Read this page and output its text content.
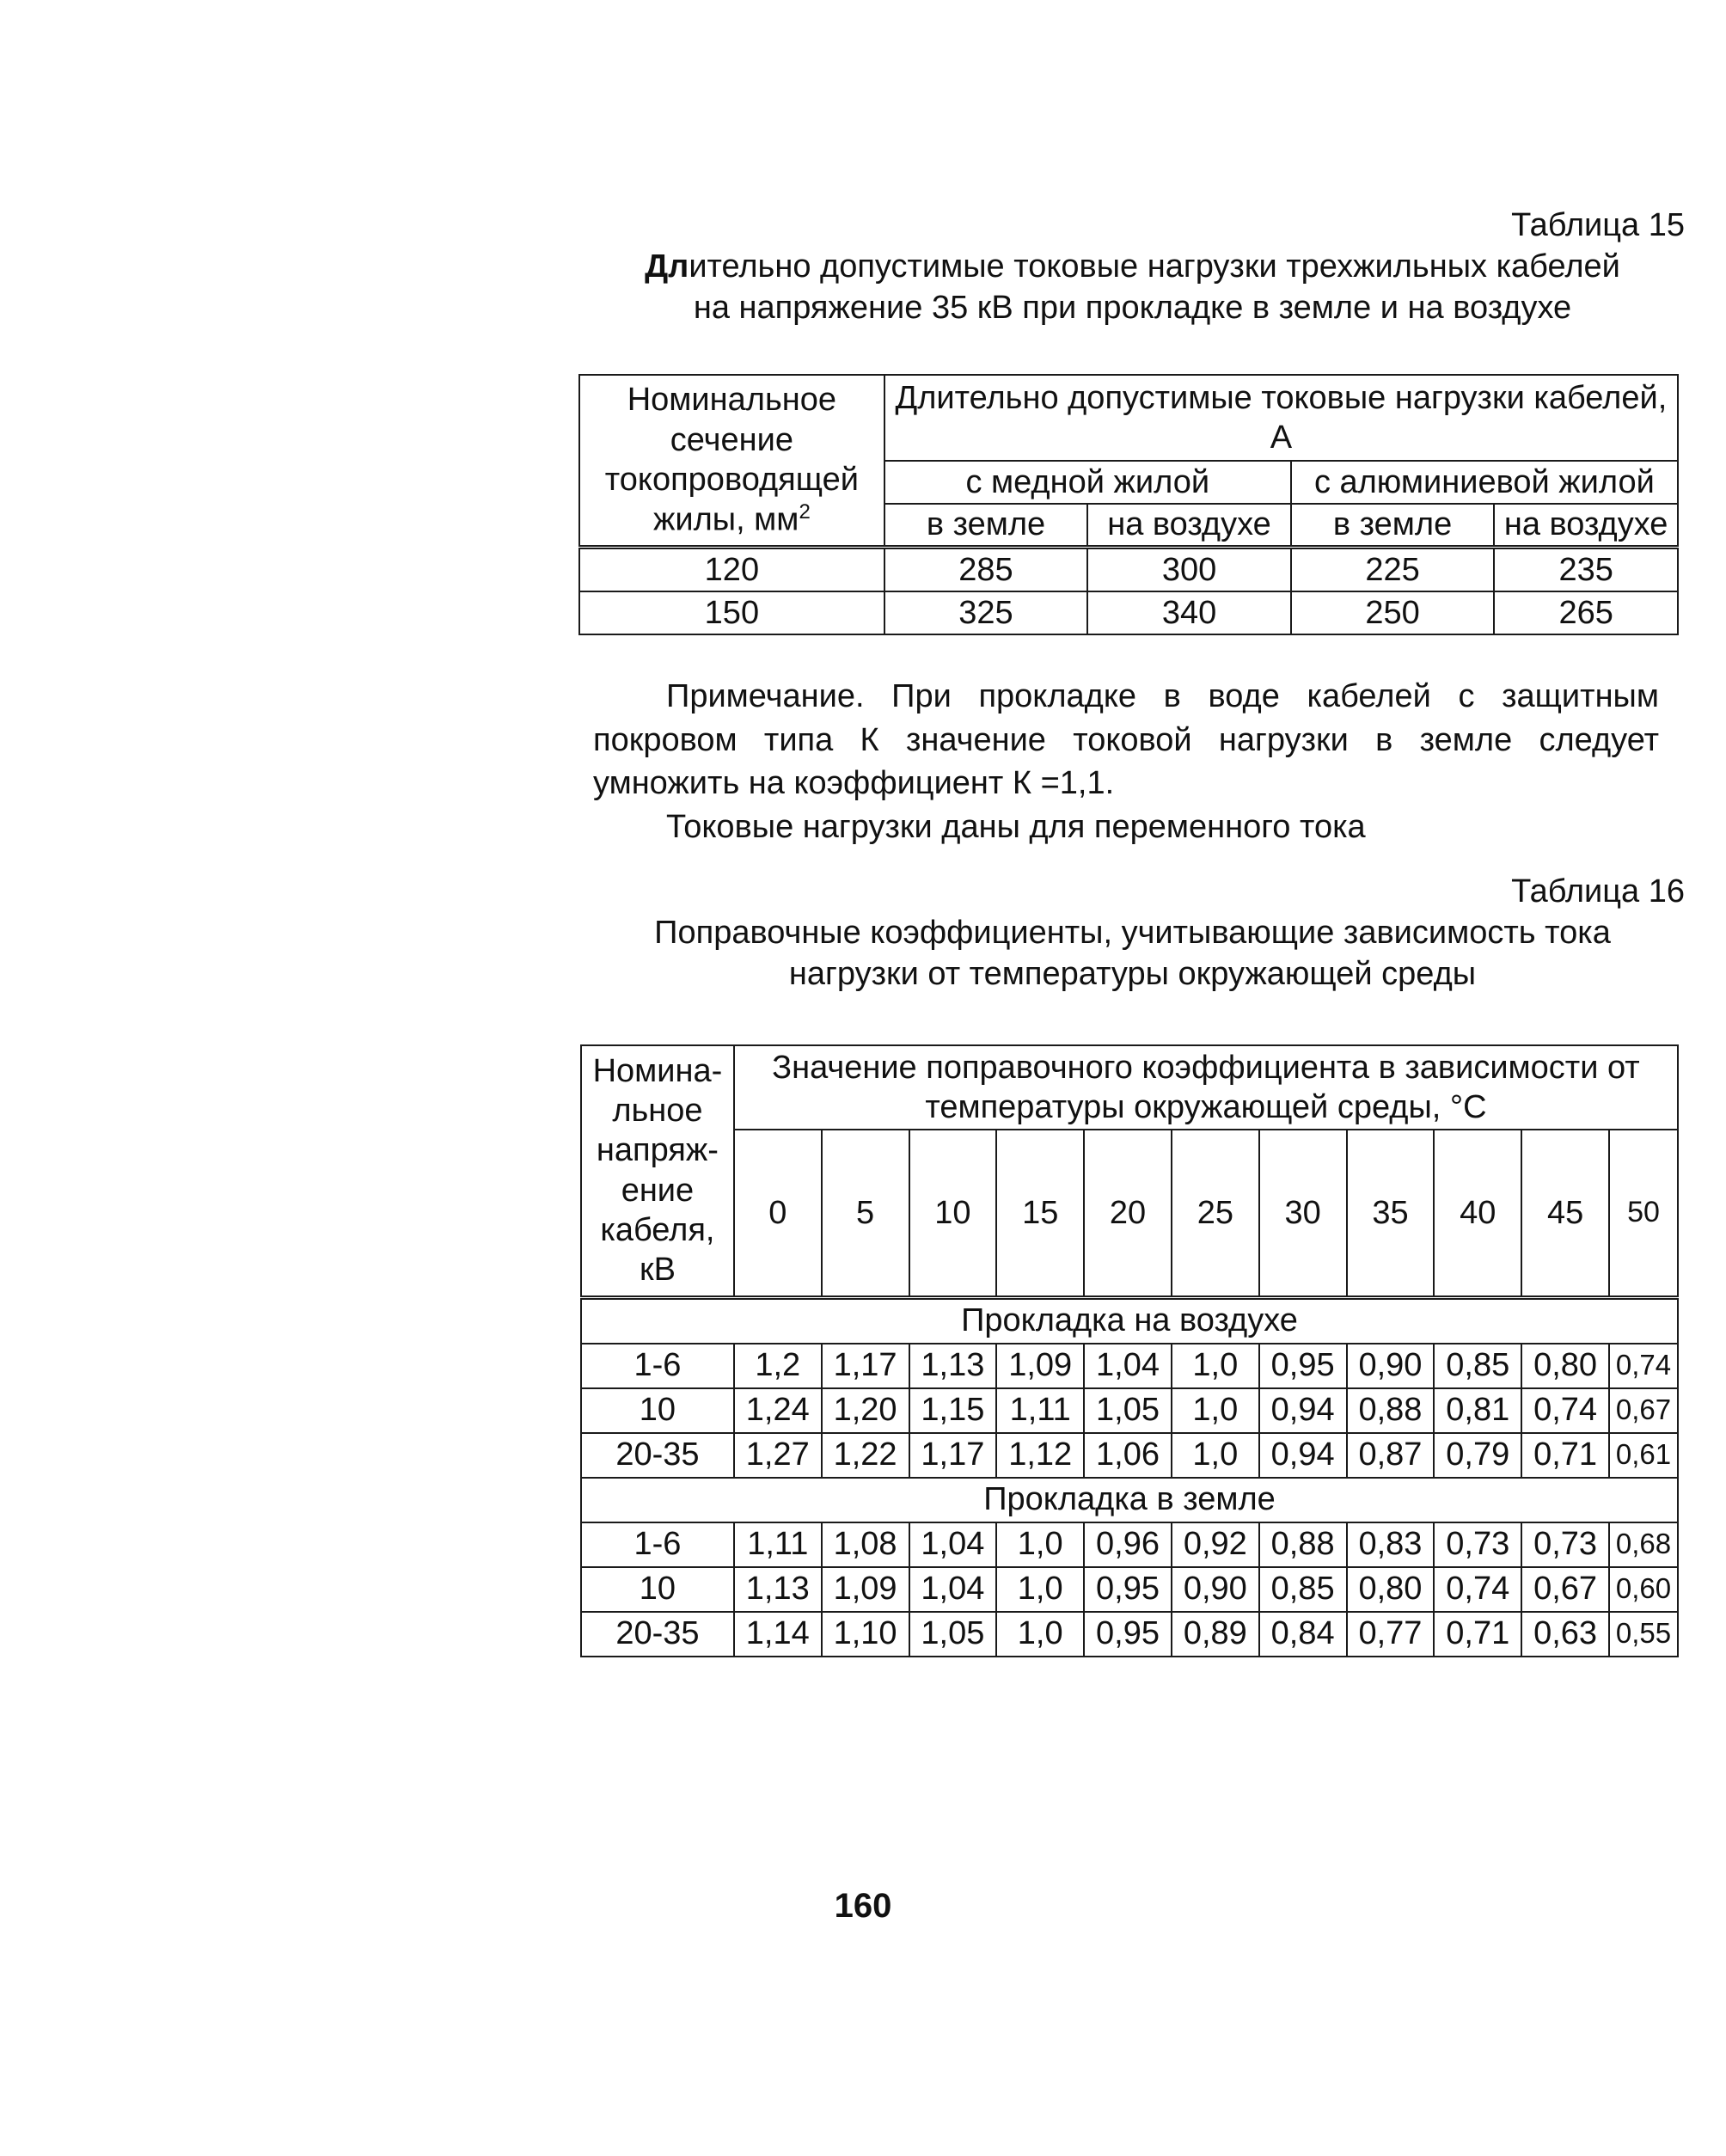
Таблица 15
Длительно допустимые токовые нагрузки трехжильных кабелей
на напряжение 35 кВ при прокладке в земле и на воздухе
Номинальное сечение токопроводящей жилы, $мм^2$	Длительно допустимые токовые нагрузки кабелей, А			
	с медной жилой		с алюминиевой жилой	
	в земле	на воздухе	в земле	на воздухе
120	285	300	225	235
150	325	340	250	265

Примечание. При прокладке в воде кабелей с защитным покровом типа К значение токовой нагрузки в земле следует умножить на коэффициент К =1,1.

Токовые нагрузки даны для переменного тока

Таблица 16
Поправочные коэффициенты, учитывающие зависимость тока
нагрузки от температуры окружающей среды
Номина-льное напряж-ение кабеля, кВ	Значение поправочного коэффициента в зависимости от температуры окружающей среды, °С										
	0	5	10	15	20	25	30	35	40	45	50
Прокладка на воздухе											
1-6	1,2	1,17	1,13	1,09	1,04	1,0	0,95	0,90	0,85	0,80	0,74
10	1,24	1,20	1,15	1,11	1,05	1,0	0,94	0,88	0,81	0,74	0,67
20-35	1,27	1,22	1,17	1,12	1,06	1,0	0,94	0,87	0,79	0,71	0,61
Прокладка в земле											
1-6	1,11	1,08	1,04	1,0	0,96	0,92	0,88	0,83	0,73	0,73	0,68
10	1,13	1,09	1,04	1,0	0,95	0,90	0,85	0,80	0,74	0,67	0,60
20-35	1,14	1,10	1,05	1,0	0,95	0,89	0,84	0,77	0,71	0,63	0,55
160
